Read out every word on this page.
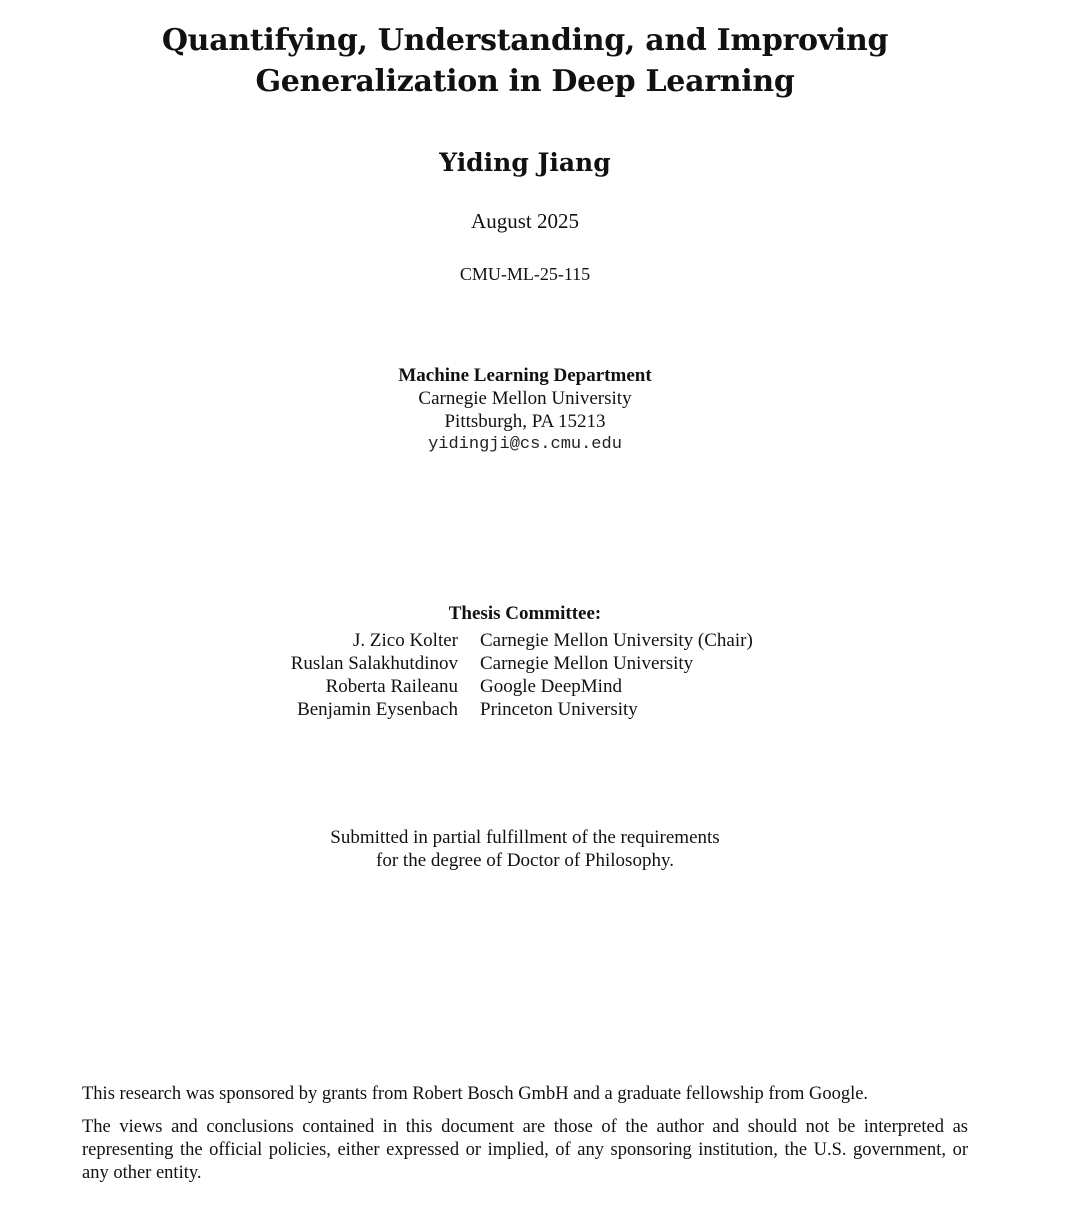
Quantifying, Understanding, and Improving
Generalization in Deep Learning
Yiding Jiang
August 2025
CMU-ML-25-115
Machine Learning Department
Carnegie Mellon University
Pittsburgh, PA 15213
yidingji@cs.cmu.edu
Thesis Committee:
J. Zico Kolter	Carnegie Mellon University (Chair)
Ruslan Salakhutdinov	Carnegie Mellon University
Roberta Raileanu	Google DeepMind
Benjamin Eysenbach	Princeton University
Submitted in partial fulfillment of the requirements
for the degree of Doctor of Philosophy.

This research was sponsored by grants from Robert Bosch GmbH and a graduate fellowship from Google.

The views and conclusions contained in this document are those of the author and should not be interpreted as representing the official policies, either expressed or implied, of any sponsoring institution, the U.S. government, or any other entity.
